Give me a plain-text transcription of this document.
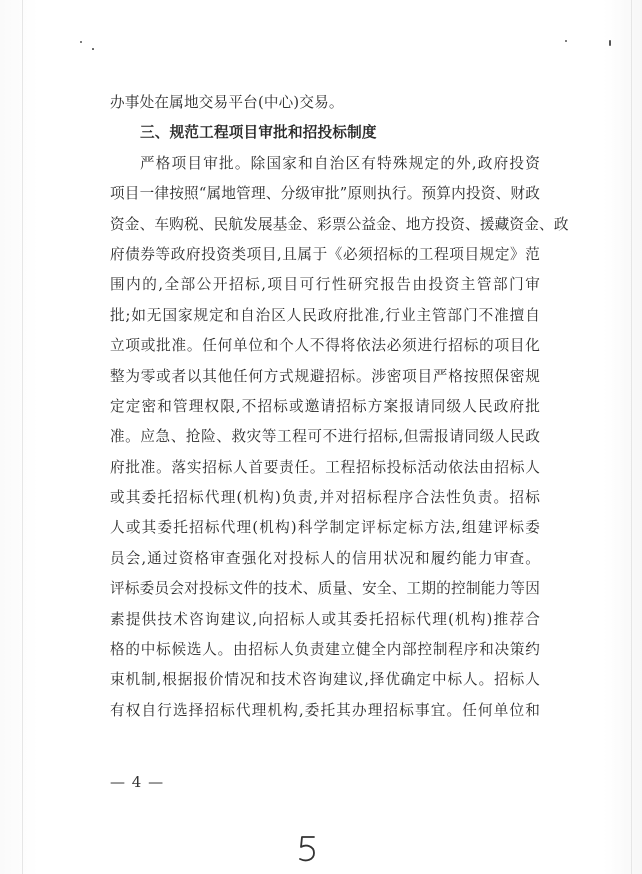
办事处在属地交易平台(中心)交易。
三、规范工程项目审批和招投标制度
严格项目审批。除国家和自治区有特殊规定的外,政府投资
项目一律按照“属地管理、分级审批”原则执行。预算内投资、财政
资金、车购税、民航发展基金、彩票公益金、地方投资、援藏资金、政
府债券等政府投资类项目,且属于《必须招标的工程项目规定》范
围内的,全部公开招标,项目可行性研究报告由投资主管部门审
批;如无国家规定和自治区人民政府批准,行业主管部门不准擅自
立项或批准。任何单位和个人不得将依法必须进行招标的项目化
整为零或者以其他任何方式规避招标。涉密项目严格按照保密规
定定密和管理权限,不招标或邀请招标方案报请同级人民政府批
准。应急、抢险、救灾等工程可不进行招标,但需报请同级人民政
府批准。落实招标人首要责任。工程招标投标活动依法由招标人
或其委托招标代理(机构)负责,并对招标程序合法性负责。招标
人或其委托招标代理(机构)科学制定评标定标方法,组建评标委
员会,通过资格审查强化对投标人的信用状况和履约能力审查。
评标委员会对投标文件的技术、质量、安全、工期的控制能力等因
素提供技术咨询建议,向招标人或其委托招标代理(机构)推荐合
格的中标候选人。由招标人负责建立健全内部控制程序和决策约
束机制,根据报价情况和技术咨询建议,择优确定中标人。招标人
有权自行选择招标代理机构,委托其办理招标事宜。任何单位和
— 4 —
